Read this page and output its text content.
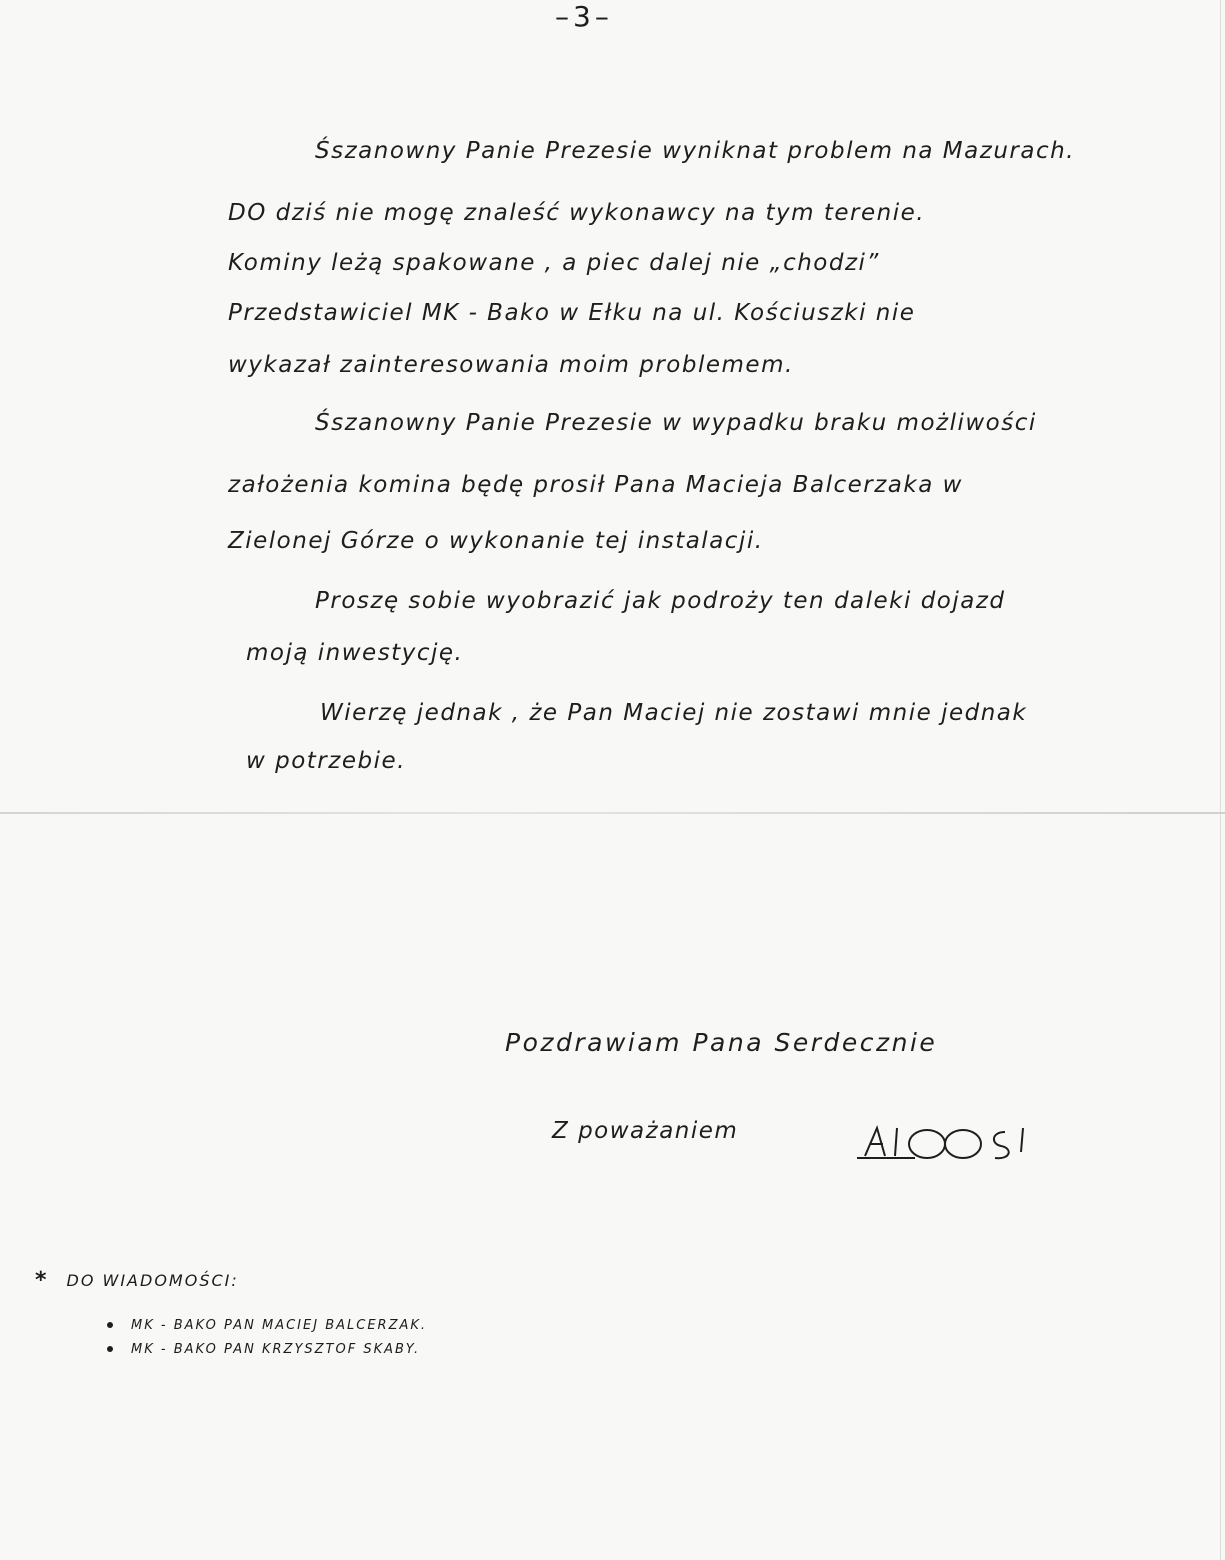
–3–

Śszanowny Panie Prezesie wyniknat problem na Mazurach.

DO dziś nie mogę znaleść wykonawcy na tym terenie.

Kominy leżą spakowane , a piec dalej nie „chodzi”

Przedstawiciel MK - Bako w Ełku na ul. Kościuszki nie

wykazał zainteresowania moim problemem.

Śszanowny Panie Prezesie w wypadku braku możliwości

założenia komina będę prosił Pana Macieja Balcerzaka w

Zielonej Górze o wykonanie tej instalacji.

Proszę sobie wyobrazić jak podroży ten daleki dojazd

moją inwestycję.

Wierzę jednak , że Pan Maciej nie zostawi mnie jednak

w potrzebie.

Pozdrawiam Pana Serdecznie

Z poważaniem

* DO WIADOMOŚCI:
MK - BAKO PAN MACIEJ BALCERZAK.
MK - BAKO PAN KRZYSZTOF SKABY.
